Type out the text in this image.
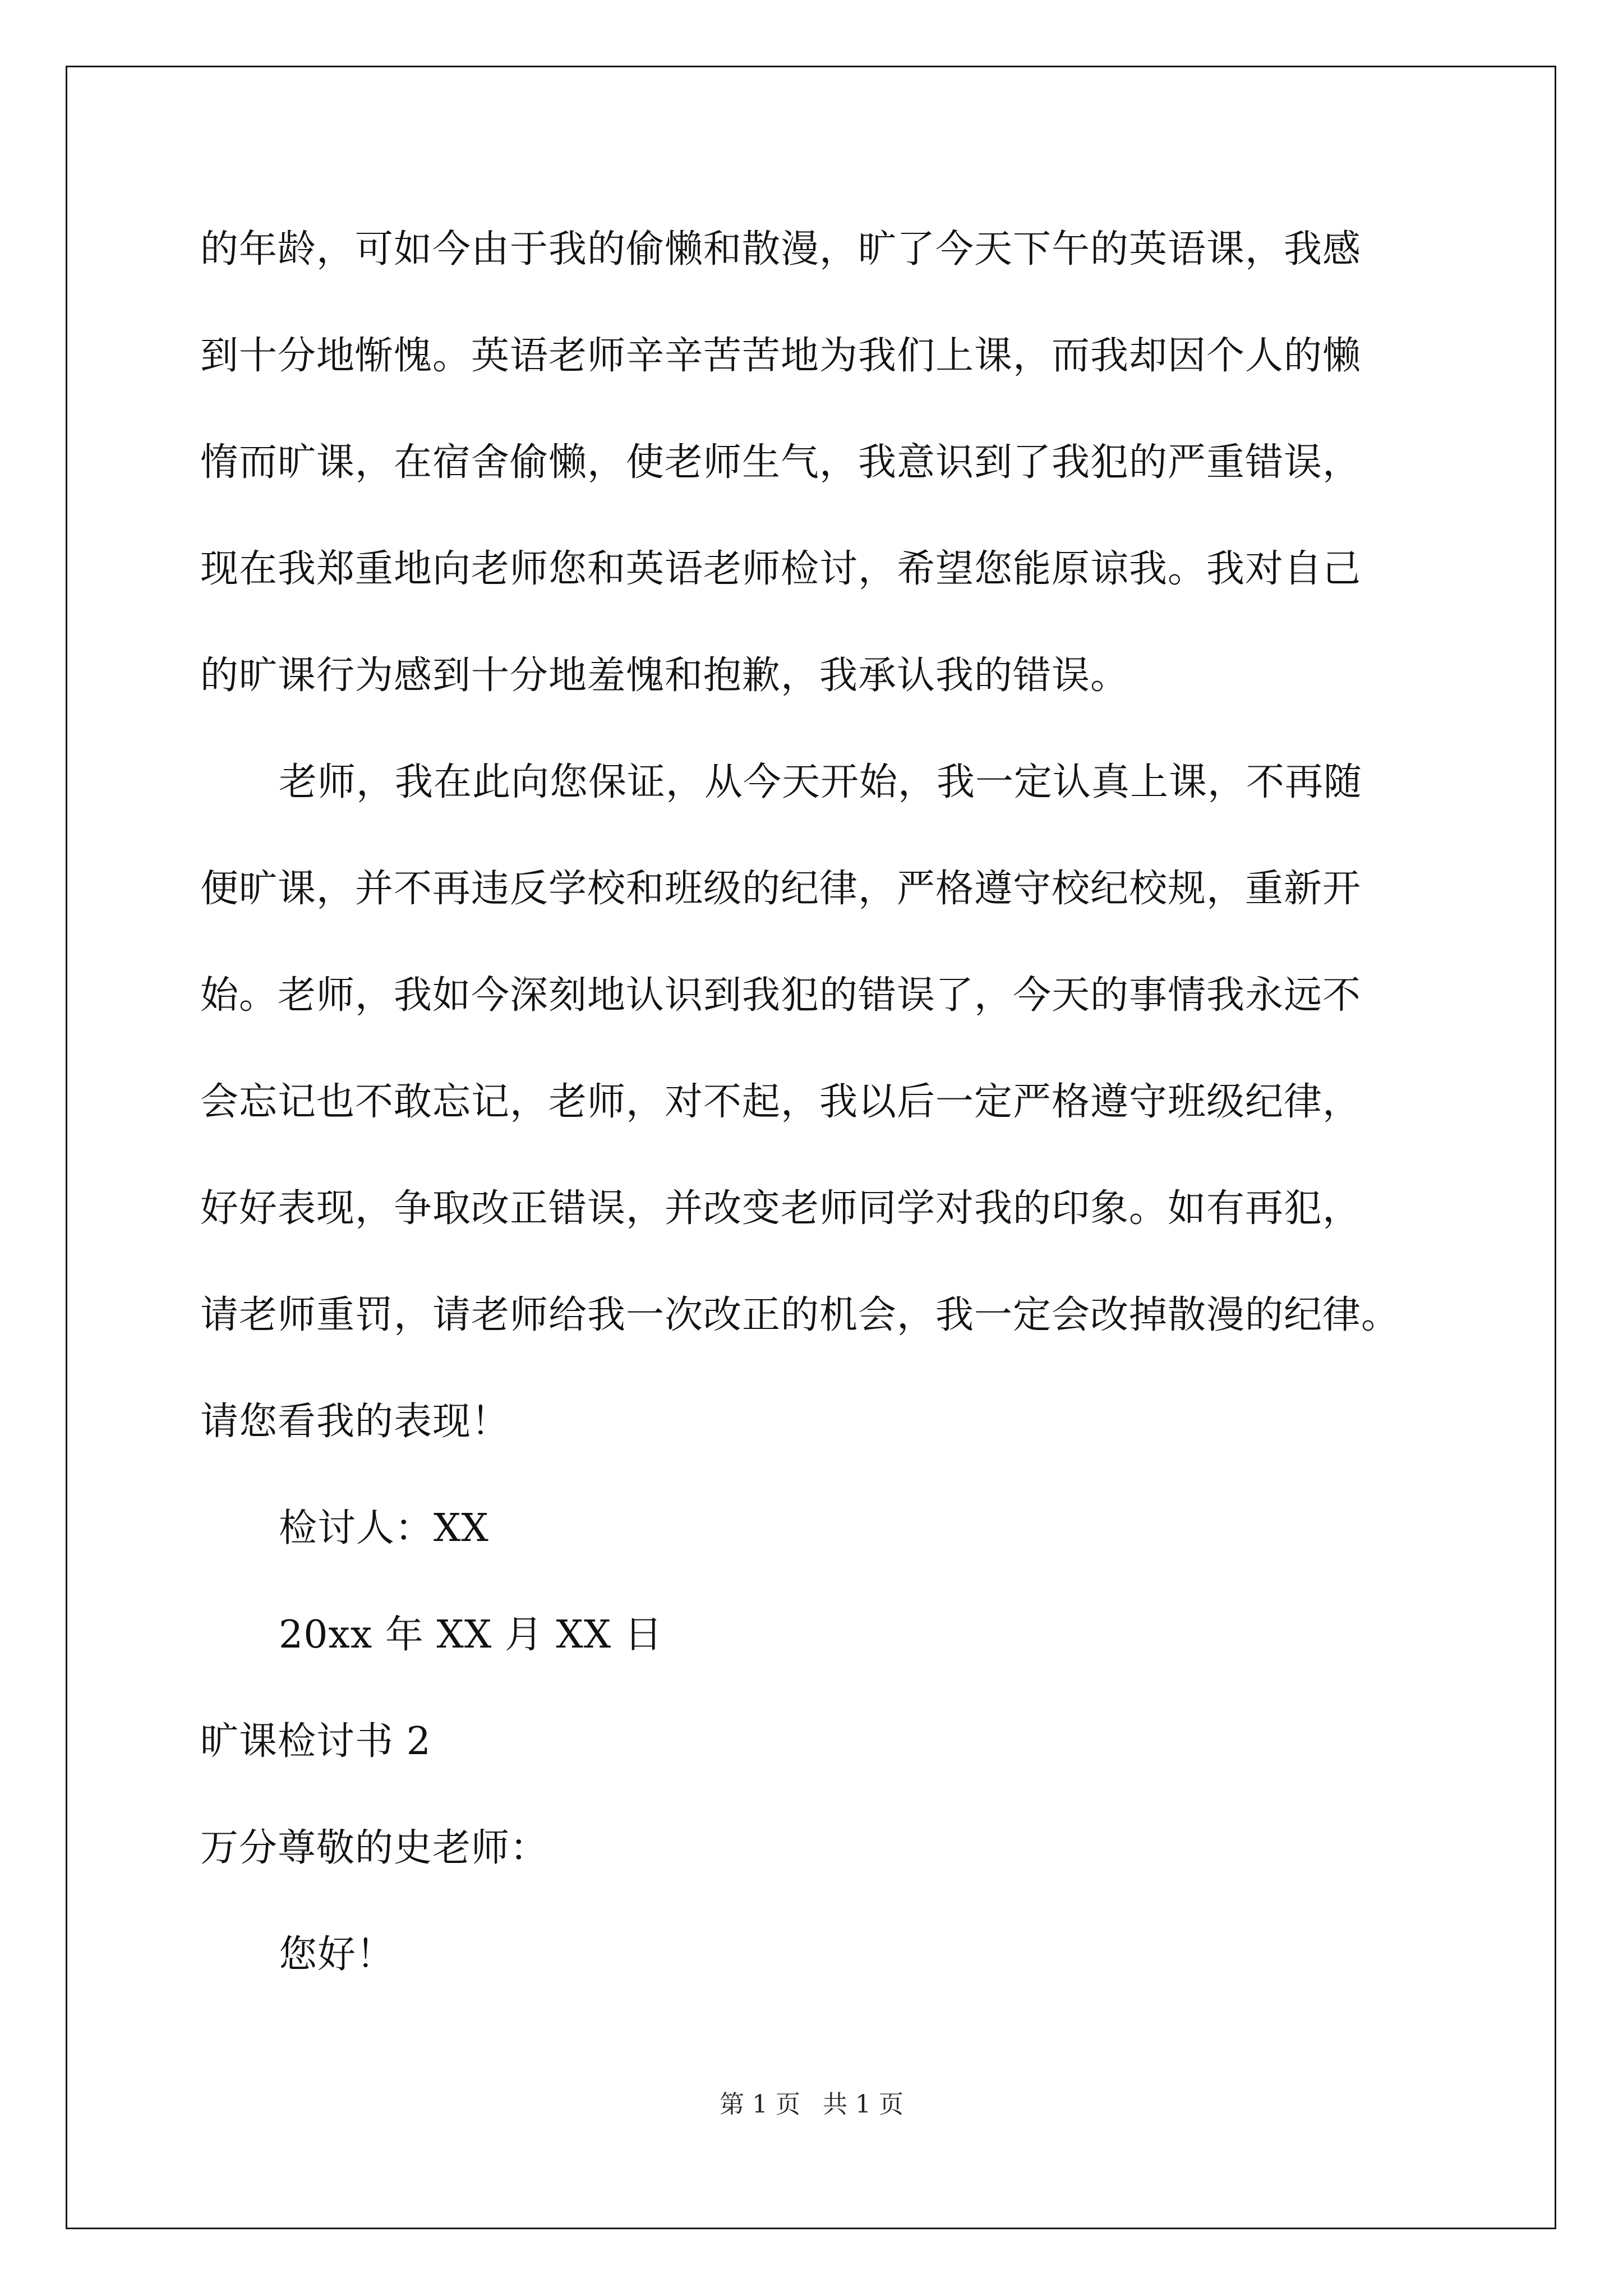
的年龄，可如今由于我的偷懒和散漫，旷了今天下午的英语课，我感
到十分地惭愧。英语老师辛辛苦苦地为我们上课，而我却因个人的懒
惰而旷课，在宿舍偷懒，使老师生气，我意识到了我犯的严重错误，
现在我郑重地向老师您和英语老师检讨，希望您能原谅我。我对自己
的旷课行为感到十分地羞愧和抱歉，我承认我的错误。
老师，我在此向您保证，从今天开始，我一定认真上课，不再随
便旷课，并不再违反学校和班级的纪律，严格遵守校纪校规，重新开
始。老师，我如今深刻地认识到我犯的错误了，今天的事情我永远不
会忘记也不敢忘记，老师，对不起，我以后一定严格遵守班级纪律，
好好表现，争取改正错误，并改变老师同学对我的印象。如有再犯，
请老师重罚，请老师给我一次改正的机会，我一定会改掉散漫的纪律。
请您看我的表现！
检讨人：XX
20xx 年 XX 月 XX 日
旷课检讨书 2
万分尊敬的史老师：
您好！
第 1 页 共 1 页
